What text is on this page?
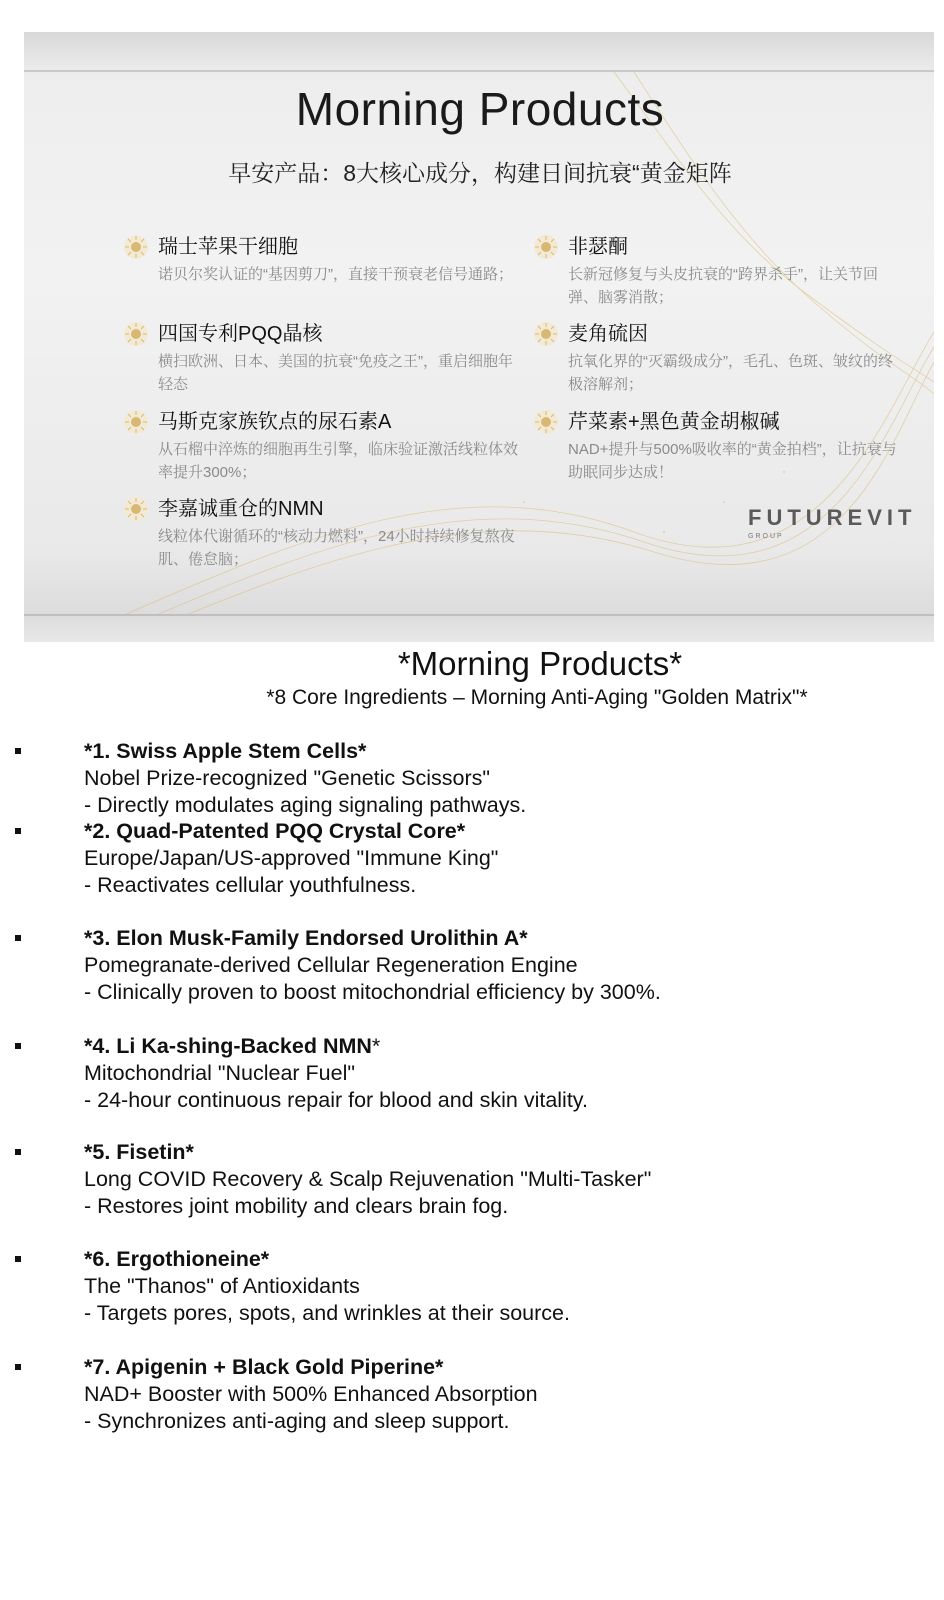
Morning Products
早安产品：8大核心成分，构建日间抗衰“黄金矩阵
瑞士苹果干细胞
诺贝尔奖认证的“基因剪刀”，直接干预衰老信号通路；
四国专利PQQ晶核
横扫欧洲、日本、美国的抗衰“免疫之王”，重启细胞年轻态
马斯克家族钦点的尿石素A
从石榴中淬炼的细胞再生引擎，临床验证激活线粒体效率提升300%；
李嘉诚重仓的NMN
线粒体代谢循环的“核动力燃料”，24小时持续修复熬夜肌、倦怠脑；
非瑟酮
长新冠修复与头皮抗衰的“跨界杀手”，让关节回弹、脑雾消散；
麦角硫因
抗氧化界的“灭霸级成分”，毛孔、色斑、皱纹的终极溶解剂；
芹菜素+黑色黄金胡椒碱
NAD+提升与500%吸收率的“黄金拍档”，让抗衰与助眠同步达成！
FUTUREVIT
GROUP
*Morning Products*
*8 Core Ingredients – Morning Anti-Aging "Golden Matrix"*
*1. Swiss Apple Stem Cells*
Nobel Prize-recognized "Genetic Scissors"
- Directly modulates aging signaling pathways.
*2. Quad-Patented PQQ Crystal Core*
Europe/Japan/US-approved "Immune King"
- Reactivates cellular youthfulness.
*3. Elon Musk-Family Endorsed Urolithin A*
Pomegranate-derived Cellular Regeneration Engine
- Clinically proven to boost mitochondrial efficiency by 300%.
*4. Li Ka-shing-Backed NMN*
Mitochondrial "Nuclear Fuel"
- 24-hour continuous repair for blood and skin vitality.
*5. Fisetin*
Long COVID Recovery & Scalp Rejuvenation "Multi-Tasker"
- Restores joint mobility and clears brain fog.
*6. Ergothioneine*
The "Thanos" of Antioxidants
- Targets pores, spots, and wrinkles at their source.
*7. Apigenin + Black Gold Piperine*
NAD+ Booster with 500% Enhanced Absorption
- Synchronizes anti-aging and sleep support.
